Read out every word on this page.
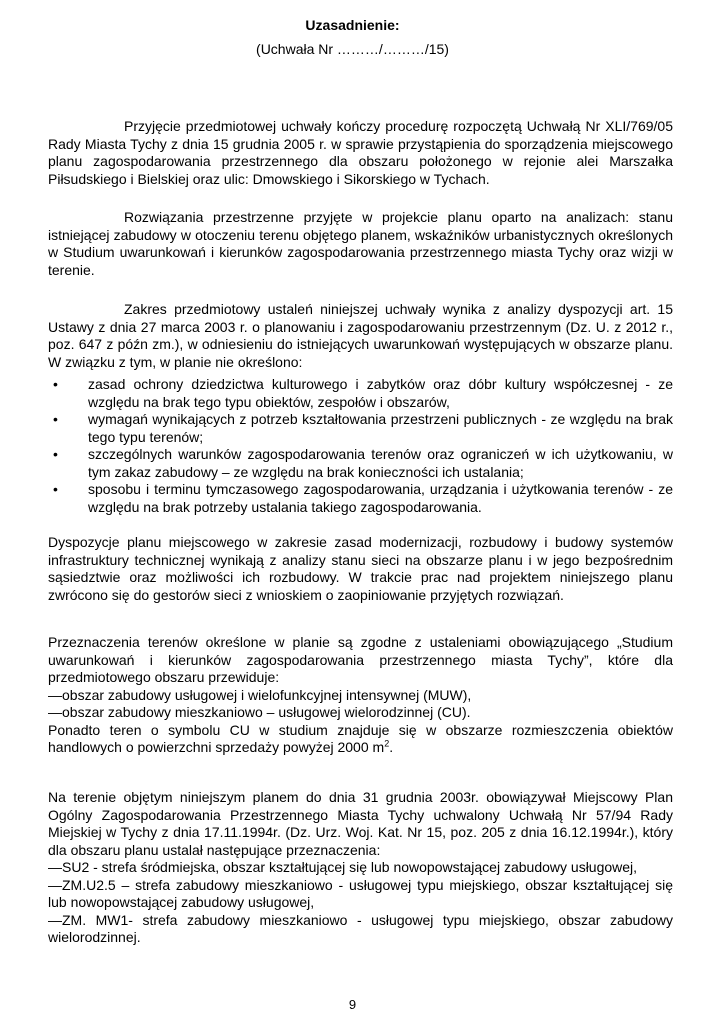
Uzasadnienie:
(Uchwała Nr ………/………/15)

Przyjęcie przedmiotowej uchwały kończy procedurę rozpoczętą Uchwałą Nr XLI/769/05 Rady Miasta Tychy z dnia 15 grudnia 2005 r. w sprawie przystąpienia do sporządzenia miejscowego planu zagospodarowania przestrzennego dla obszaru położonego w rejonie alei Marszałka Piłsudskiego i Bielskiej oraz ulic: Dmowskiego i Sikorskiego w Tychach.

Rozwiązania przestrzenne przyjęte w projekcie planu oparto na analizach: stanu istniejącej zabudowy w otoczeniu terenu objętego planem, wskaźników urbanistycznych określonych w Studium uwarunkowań i kierunków zagospodarowania przestrzennego miasta Tychy oraz wizji w terenie.

Zakres przedmiotowy ustaleń niniejszej uchwały wynika z analizy dyspozycji art. 15 Ustawy z dnia 27 marca 2003 r. o planowaniu i zagospodarowaniu przestrzennym (Dz. U. z 2012 r., poz. 647 z późn zm.), w odniesieniu do istniejących uwarunkowań występujących w obszarze planu. W związku z tym, w planie nie określono:

• zasad ochrony dziedzictwa kulturowego i zabytków oraz dóbr kultury współczesnej - ze względu na brak tego typu obiektów, zespołów i obszarów,
• wymagań wynikających z potrzeb kształtowania przestrzeni publicznych - ze względu na brak tego typu terenów;
• szczególnych warunków zagospodarowania terenów oraz ograniczeń w ich użytkowaniu, w tym zakaz zabudowy – ze względu na brak konieczności ich ustalania;
• sposobu i terminu tymczasowego zagospodarowania, urządzania i użytkowania terenów - ze względu na brak potrzeby ustalania takiego zagospodarowania.

Dyspozycje planu miejscowego w zakresie zasad modernizacji, rozbudowy i budowy systemów infrastruktury technicznej wynikają z analizy stanu sieci na obszarze planu i w jego bezpośrednim sąsiedztwie oraz możliwości ich rozbudowy. W trakcie prac nad projektem niniejszego planu zwrócono się do gestorów sieci z wnioskiem o zaopiniowanie przyjętych rozwiązań.

Przeznaczenia terenów określone w planie są zgodne z ustaleniami obowiązującego „Studium uwarunkowań i kierunków zagospodarowania przestrzennego miasta Tychy”, które dla przedmiotowego obszaru przewiduje:
—obszar zabudowy usługowej i wielofunkcyjnej intensywnej (MUW),
—obszar zabudowy mieszkaniowo – usługowej wielorodzinnej (CU).
Ponadto teren o symbolu CU w studium znajduje się w obszarze rozmieszczenia obiektów handlowych o powierzchni sprzedaży powyżej 2000 $m^2$.
Na terenie objętym niniejszym planem do dnia 31 grudnia 2003r. obowiązywał Miejscowy Plan Ogólny Zagospodarowania Przestrzennego Miasta Tychy uchwalony Uchwałą Nr 57/94 Rady Miejskiej w Tychy z dnia 17.11.1994r. (Dz. Urz. Woj. Kat. Nr 15, poz. 205 z dnia 16.12.1994r.), który dla obszaru planu ustalał następujące przeznaczenia:
—SU2 - strefa śródmiejska, obszar kształtującej się lub nowopowstającej zabudowy usługowej,
—ZM.U2.5 – strefa zabudowy mieszkaniowo - usługowej typu miejskiego, obszar kształtującej się lub nowopowstającej zabudowy usługowej,
—ZM. MW1- strefa zabudowy mieszkaniowo - usługowej typu miejskiego, obszar zabudowy wielorodzinnej.
9
